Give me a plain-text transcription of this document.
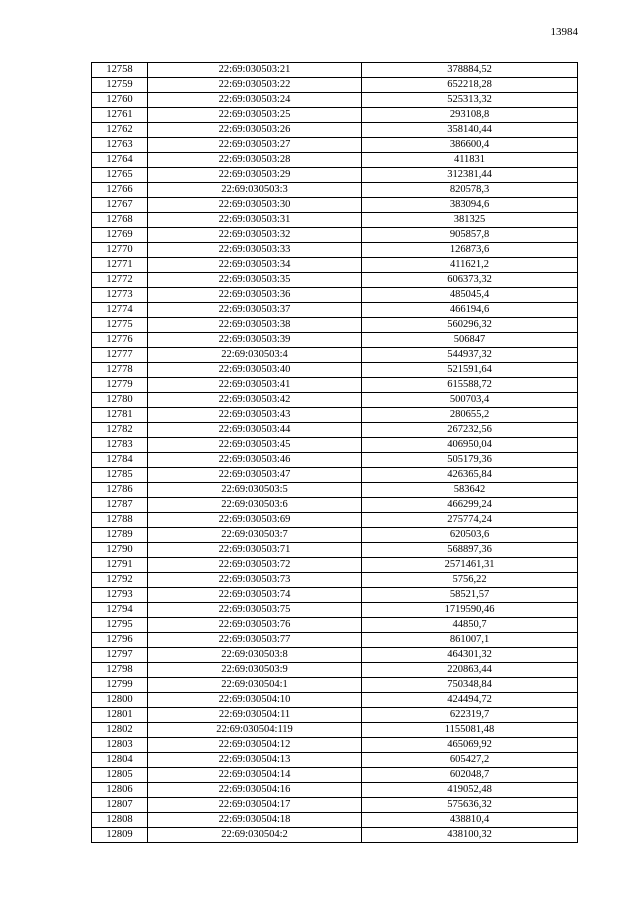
13984
12758	22:69:030503:21	378884,52
12759	22:69:030503:22	652218,28
12760	22:69:030503:24	525313,32
12761	22:69:030503:25	293108,8
12762	22:69:030503:26	358140,44
12763	22:69:030503:27	386600,4
12764	22:69:030503:28	411831
12765	22:69:030503:29	312381,44
12766	22:69:030503:3	820578,3
12767	22:69:030503:30	383094,6
12768	22:69:030503:31	381325
12769	22:69:030503:32	905857,8
12770	22:69:030503:33	126873,6
12771	22:69:030503:34	411621,2
12772	22:69:030503:35	606373,32
12773	22:69:030503:36	485045,4
12774	22:69:030503:37	466194,6
12775	22:69:030503:38	560296,32
12776	22:69:030503:39	506847
12777	22:69:030503:4	544937,32
12778	22:69:030503:40	521591,64
12779	22:69:030503:41	615588,72
12780	22:69:030503:42	500703,4
12781	22:69:030503:43	280655,2
12782	22:69:030503:44	267232,56
12783	22:69:030503:45	406950,04
12784	22:69:030503:46	505179,36
12785	22:69:030503:47	426365,84
12786	22:69:030503:5	583642
12787	22:69:030503:6	466299,24
12788	22:69:030503:69	275774,24
12789	22:69:030503:7	620503,6
12790	22:69:030503:71	568897,36
12791	22:69:030503:72	2571461,31
12792	22:69:030503:73	5756,22
12793	22:69:030503:74	58521,57
12794	22:69:030503:75	1719590,46
12795	22:69:030503:76	44850,7
12796	22:69:030503:77	861007,1
12797	22:69:030503:8	464301,32
12798	22:69:030503:9	220863,44
12799	22:69:030504:1	750348,84
12800	22:69:030504:10	424494,72
12801	22:69:030504:11	622319,7
12802	22:69:030504:119	1155081,48
12803	22:69:030504:12	465069,92
12804	22:69:030504:13	605427,2
12805	22:69:030504:14	602048,7
12806	22:69:030504:16	419052,48
12807	22:69:030504:17	575636,32
12808	22:69:030504:18	438810,4
12809	22:69:030504:2	438100,32
